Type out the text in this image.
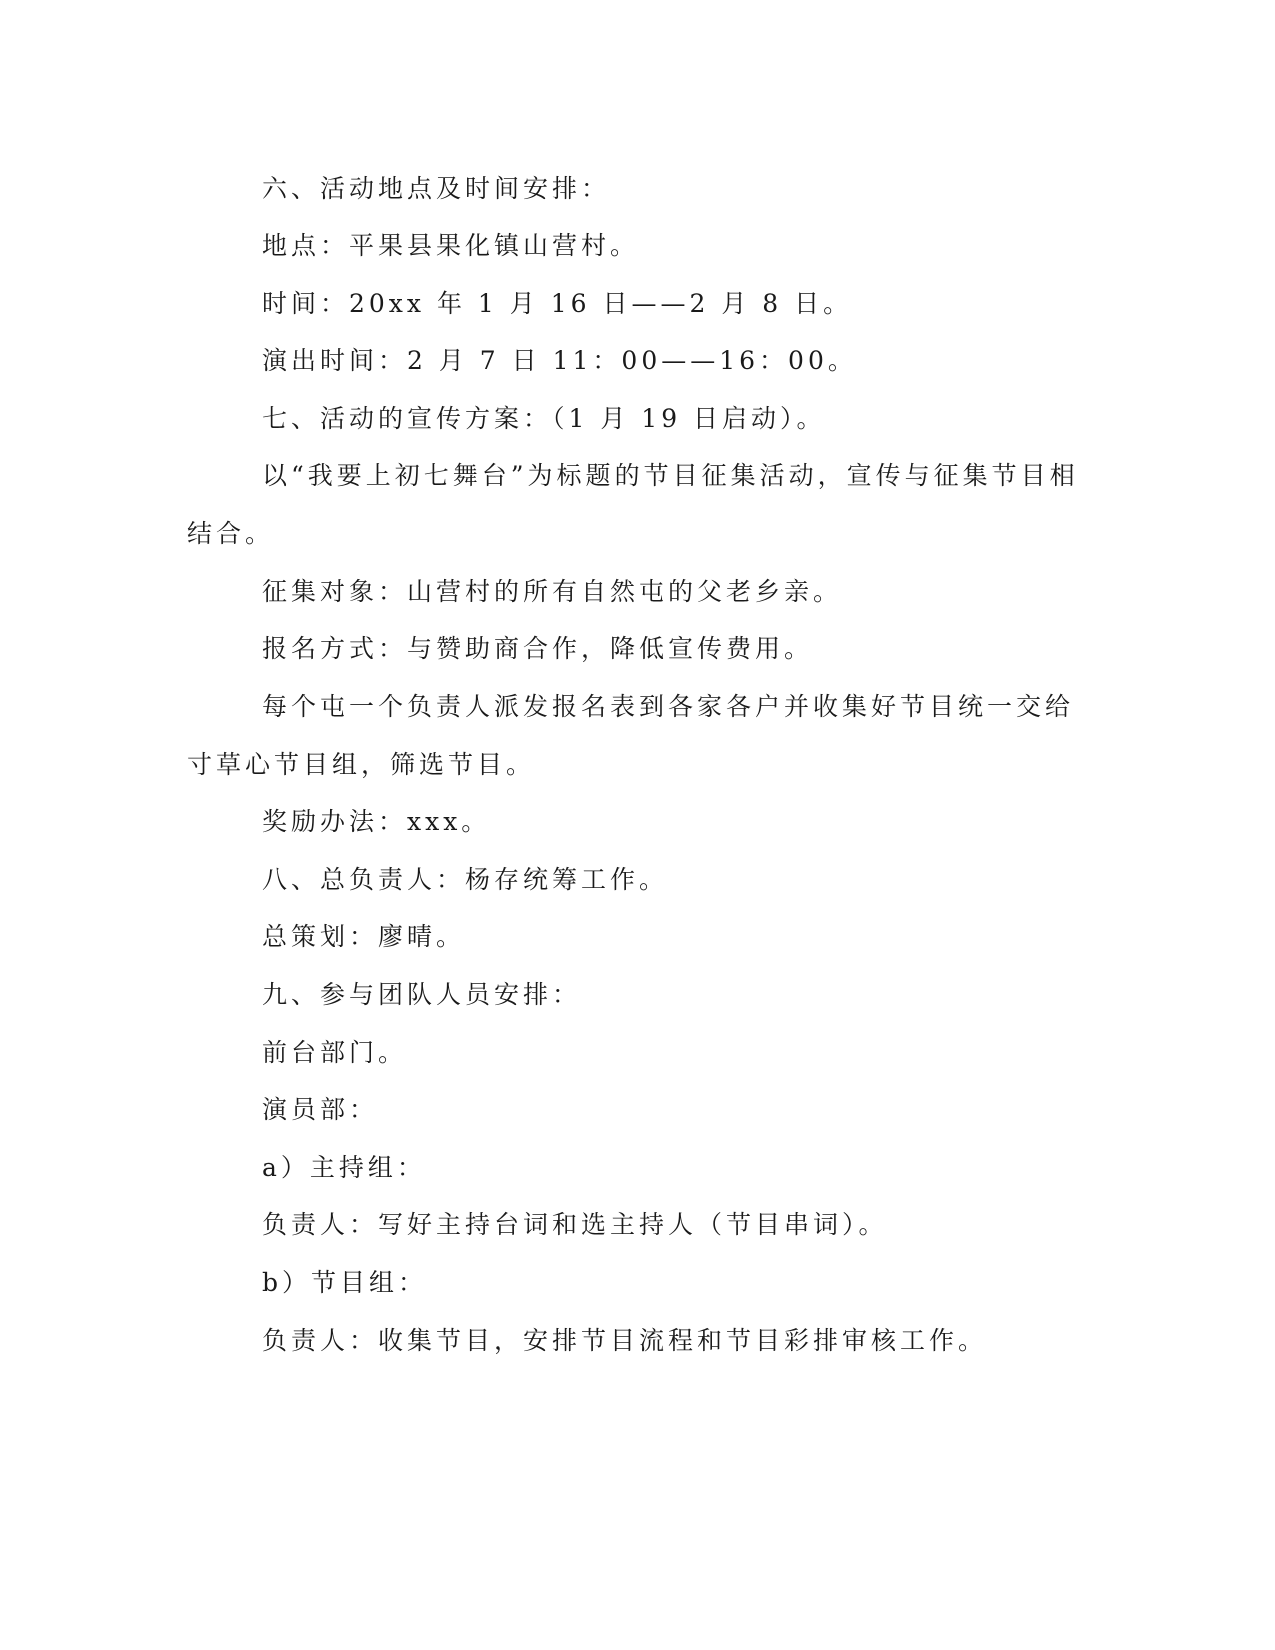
六、活动地点及时间安排：
地点：平果县果化镇山营村。
时间：20xx 年 1 月 16 日——2 月 8 日。
演出时间：2 月 7 日 11：00——16：00。
七、活动的宣传方案：（1 月 19 日启动）。
以“我要上初七舞台”为标题的节目征集活动，宣传与征集节目相
结合。
征集对象：山营村的所有自然屯的父老乡亲。
报名方式：与赞助商合作，降低宣传费用。
每个屯一个负责人派发报名表到各家各户并收集好节目统一交给
寸草心节目组，筛选节目。
奖励办法：xxx。
八、总负责人：杨存统筹工作。
总策划：廖晴。
九、参与团队人员安排：
前台部门。
演员部：
a）主持组：
负责人：写好主持台词和选主持人（节目串词）。
b）节目组：
负责人：收集节目，安排节目流程和节目彩排审核工作。
